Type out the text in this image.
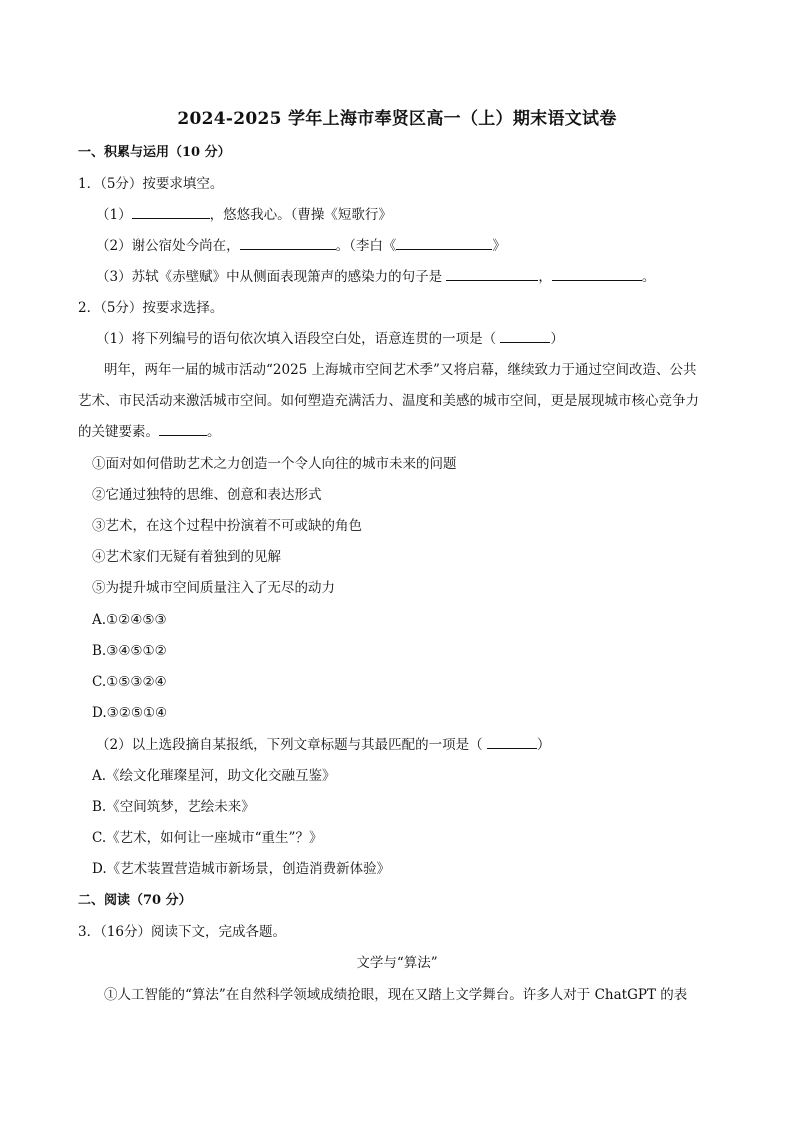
2024-2025 学年上海市奉贤区高一（上）期末语文试卷
一、积累与运用（10 分）
1．（5分）按要求填空。
（1）	，悠悠我心。（曹操《短歌行》
（2）谢公宿处今尚在，	。（李白《	》
（3）苏轼《赤壁赋》中从侧面表现箫声的感染力的句子是	，	。
2．（5分）按要求选择。
（1）将下列编号的语句依次填入语段空白处，语意连贯的一项是（	）
明年，两年一届的城市活动“2025 上海城市空间艺术季”又将启幕，继续致力于通过空间改造、公共
艺术、市民活动来激活城市空间。如何塑造充满活力、温度和美感的城市空间，更是展现城市核心竞争力
的关键要素。	。
①面对如何借助艺术之力创造一个令人向往的城市未来的问题
②它通过独特的思维、创意和表达形式
③艺术，在这个过程中扮演着不可或缺的角色
④艺术家们无疑有着独到的见解
⑤为提升城市空间质量注入了无尽的动力
A.①②④⑤③
B.③④⑤①②
C.①⑤③②④
D.③②⑤①④
（2）以上选段摘自某报纸，下列文章标题与其最匹配的一项是（	）
A.《绘文化璀璨星河，助文化交融互鉴》
B.《空间筑梦，艺绘未来》
C.《艺术，如何让一座城市“重生”？》
D.《艺术装置营造城市新场景，创造消费新体验》
二、阅读（70 分）
3．（16分）阅读下文，完成各题。
文学与“算法”
①人工智能的“算法”在自然科学领域成绩抢眼，现在又踏上文学舞台。许多人对于 ChatGPT 的表
